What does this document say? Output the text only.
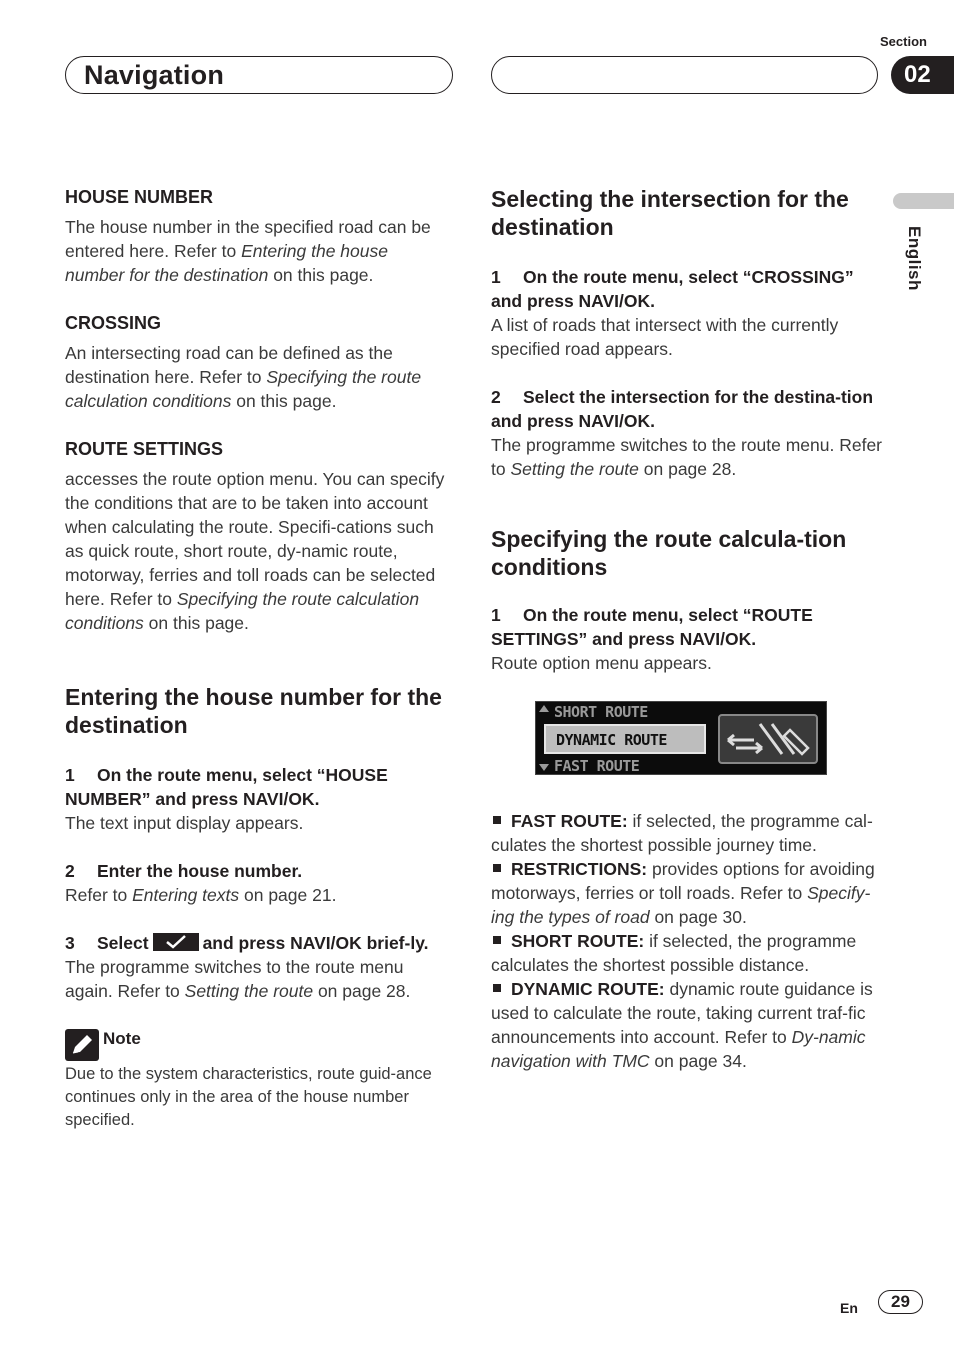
Navigation
Section
02
English

HOUSE NUMBER

The house number in the specified road can be entered here. Refer to Entering the house number for the destination on this page.

CROSSING

An intersecting road can be defined as the destination here. Refer to Specifying the route calculation conditions on this page.

ROUTE SETTINGS

accesses the route option menu. You can specify the conditions that are to be taken into account when calculating the route. Specifi-cations such as quick route, short route, dy-namic route, motorway, ferries and toll roads can be selected here. Refer to Specifying the route calculation conditions on this page.

Entering the house number for the destination

1 On the route menu, select “HOUSE NUMBER” and press NAVI/OK.

The text input display appears.

2 Enter the house number.

Refer to Entering texts on page 21.

3 Select	and press NAVI/OK brief-ly.

The programme switches to the route menu again. Refer to Setting the route on page 28.

Note

Due to the system characteristics, route guid-ance continues only in the area of the house number specified.

Selecting the intersection for the destination

1 On the route menu, select “CROSSING” and press NAVI/OK.

A list of roads that intersect with the currently specified road appears.

2 Select the intersection for the destina-tion and press NAVI/OK.

The programme switches to the route menu. Refer to Setting the route on page 28.

Specifying the route calcula-tion conditions

1 On the route menu, select “ROUTE SETTINGS” and press NAVI/OK.

Route option menu appears.

FAST ROUTE: if selected, the programme cal-culates the shortest possible journey time.

RESTRICTIONS: provides options for avoiding motorways, ferries or toll roads. Refer to Specify-ing the types of road on page 30.

SHORT ROUTE: if selected, the programme calculates the shortest possible distance.

DYNAMIC ROUTE: dynamic route guidance is used to calculate the route, taking current traf-fic announcements into account. Refer to Dy-namic navigation with TMC on page 34.

SHORT ROUTE
DYNAMIC ROUTE
FAST ROUTE
En	29
